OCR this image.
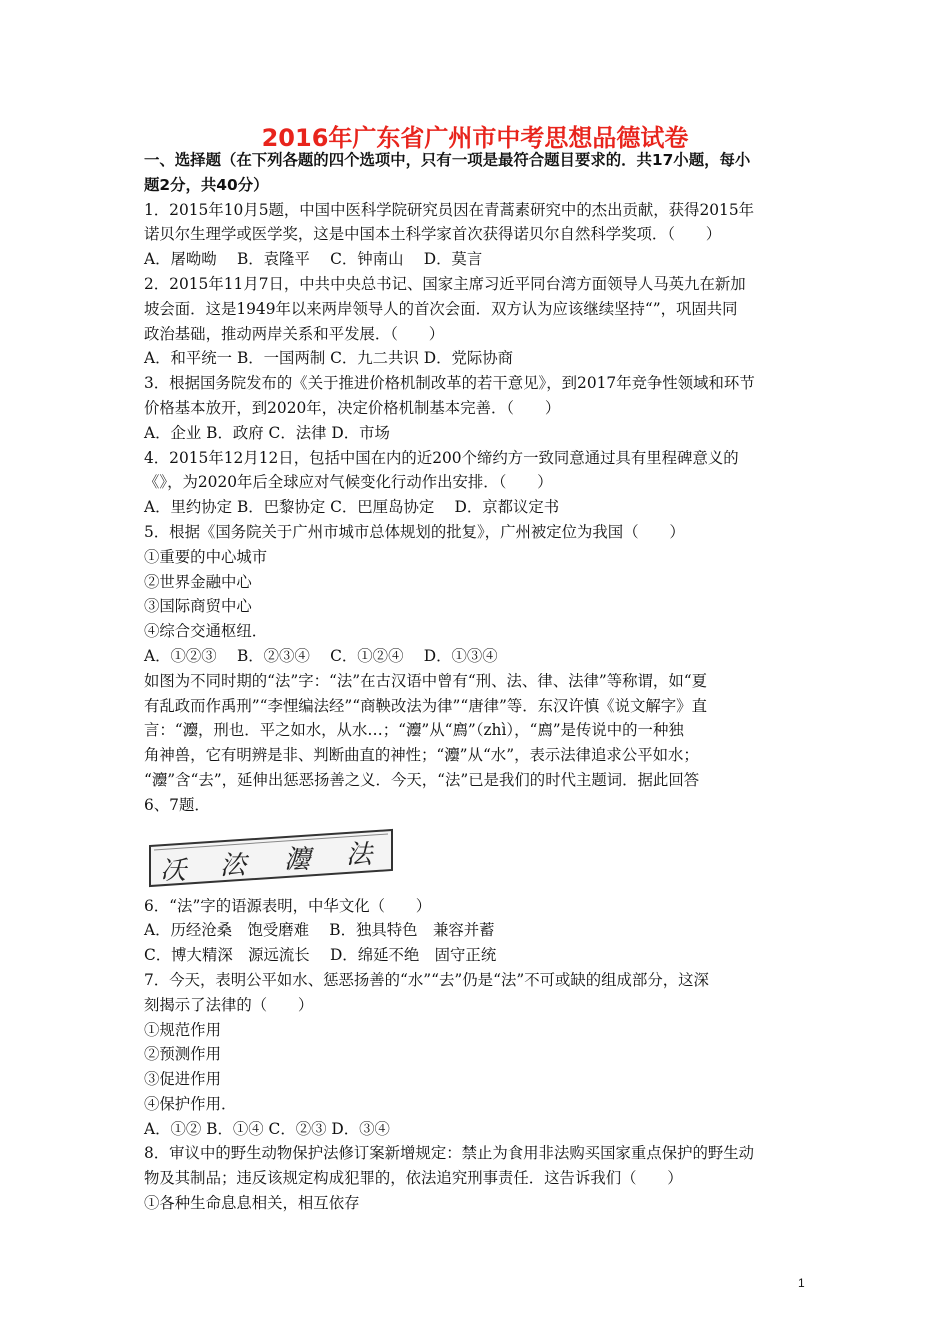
2016年广东省广州市中考思想品德试卷
一、选择题（在下列各题的四个选项中，只有一项是最符合题目要求的．共17小题，每小
题2分，共40分）
1．2015年10月5题，中国中医科学院研究员因在青蒿素研究中的杰出贡献，获得2015年
诺贝尔生理学或医学奖，这是中国本土科学家首次获得诺贝尔自然科学奖项．（　　）
A．屠呦呦　 B．袁隆平　 C．钟南山　 D．莫言
2．2015年11月7日，中共中央总书记、国家主席习近平同台湾方面领导人马英九在新加
坡会面．这是1949年以来两岸领导人的首次会面．双方认为应该继续坚持“”，巩固共同
政治基础，推动两岸关系和平发展．（　　）
A．和平统一 B．一国两制 C．九二共识 D．党际协商
3．根据国务院发布的《关于推进价格机制改革的若干意见》，到2017年竞争性领域和环节
价格基本放开，到2020年，决定价格机制基本完善．（　　）
A．企业 B．政府 C．法律 D．市场
4．2015年12月12日，包括中国在内的近200个缔约方一致同意通过具有里程碑意义的
《》，为2020年后全球应对气候变化行动作出安排．（　　）
A．里约协定 B．巴黎协定 C．巴厘岛协定　 D．京都议定书
5．根据《国务院关于广州市城市总体规划的批复》，广州被定位为我国（　　）
①重要的中心城市
②世界金融中心
③国际商贸中心
④综合交通枢纽．
A．①②③　 B．②③④　 C．①②④　 D．①③④
如图为不同时期的“法”字：“法”在古汉语中曾有“刑、法、律、法律”等称谓，如“夏
有乱政而作禹刑”“李悝编法经”“商鞅改法为律”“唐律”等．东汉许慎《说文解字》直
言：“灋，刑也．平之如水，从水…；“灋”从“廌”（zhì），“廌”是传说中的一种独
角神兽，它有明辨是非、判断曲直的神性；“灋”从“水”，表示法律追求公平如水；
“灋”含“去”，延伸出惩恶扬善之义．今天，“法”已是我们的时代主题词．据此回答
6、7题．
㓇 㳒 灋 法
6．“法”字的语源表明，中华文化（　　）
A．历经沧桑　饱受磨难　 B．独具特色　兼容并蓄
C．博大精深　源远流长　 D．绵延不绝　固守正统
7．今天，表明公平如水、惩恶扬善的“水”“去”仍是“法”不可或缺的组成部分，这深
刻揭示了法律的（　　）
①规范作用
②预测作用
③促进作用
④保护作用．
A．①② B．①④ C．②③ D．③④
8．审议中的野生动物保护法修订案新增规定：禁止为食用非法购买国家重点保护的野生动
物及其制品；违反该规定构成犯罪的，依法追究刑事责任．这告诉我们（　　）
①各种生命息息相关，相互依存
1
